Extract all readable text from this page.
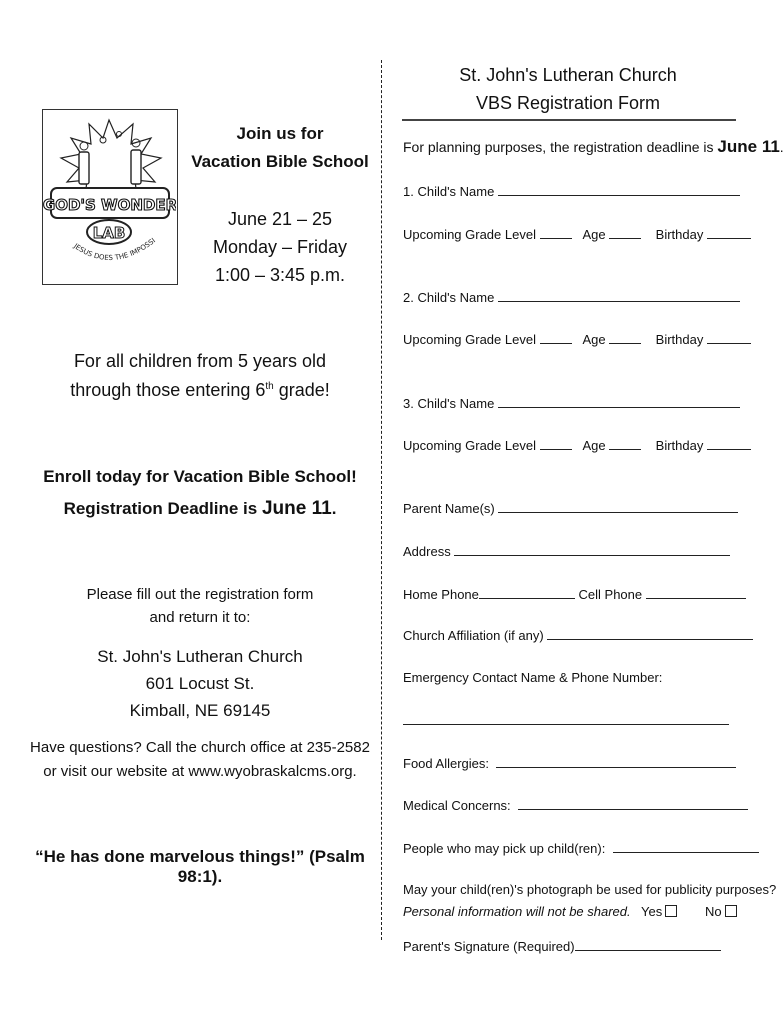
GOD'S WONDER
LAB
JESUS DOES THE IMPOSSI
Join us for
Vacation Bible School
June 21 – 25
Monday – Friday
1:00 – 3:45 p.m.
For all children from 5 years old
through those entering 6th grade!
Enroll today for Vacation Bible School!
Registration Deadline is June 11.
Please fill out the registration form
and return it to:
St. John's Lutheran Church
601 Locust St.
Kimball, NE 69145
Have questions? Call the church office at 235-2582
or visit our website at www.wyobraskalcms.org.
“He has done marvelous things!” (Psalm 98:1).
St. John's Lutheran Church
VBS Registration Form
For planning purposes, the registration deadline is June 11.
1. Child's Name
Upcoming Grade Level	Age	Birthday
2. Child's Name
Upcoming Grade Level	Age	Birthday
3. Child's Name
Upcoming Grade Level	Age	Birthday
Parent Name(s)
Address
Home Phone	Cell Phone
Church Affiliation (if any)
Emergency Contact Name & Phone Number:
Food Allergies:
Medical Concerns:
People who may pick up child(ren):
May your child(ren)'s photograph be used for publicity purposes?
Personal information will not be shared. Yes	No
Parent's Signature (Required)
